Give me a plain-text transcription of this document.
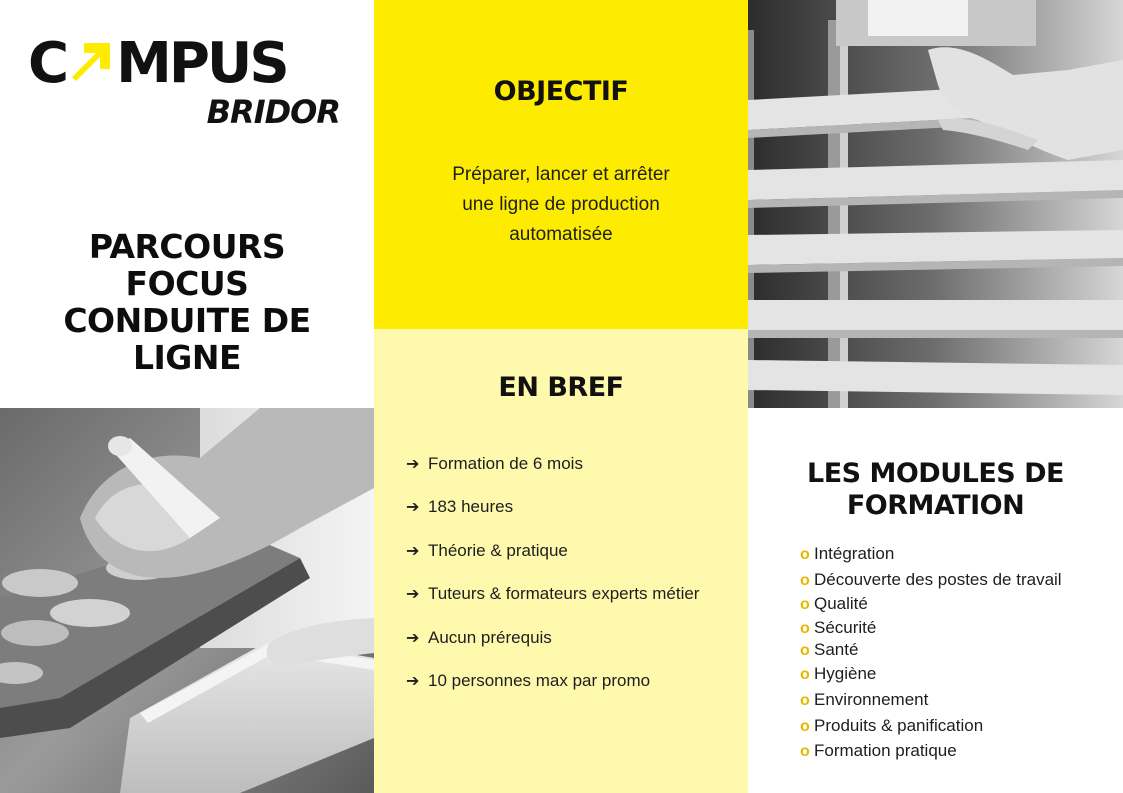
C MPUS
BRIDOR
PARCOURS
FOCUS
CONDUITE DE
LIGNE
OBJECTIF
Préparer, lancer et arrêter
une ligne de production
automatisée
EN BREF
➔ Formation de 6 mois
➔ 183 heures
➔ Théorie & pratique
➔ Tuteurs & formateurs experts métier
➔ Aucun prérequis
➔ 10 personnes max par promo
LES MODULES DE
FORMATION
o Intégration
o Découverte des postes de travail
o Qualité
o Sécurité
o Santé
o Hygiène
o Environnement
o Produits & panification
o Formation pratique
